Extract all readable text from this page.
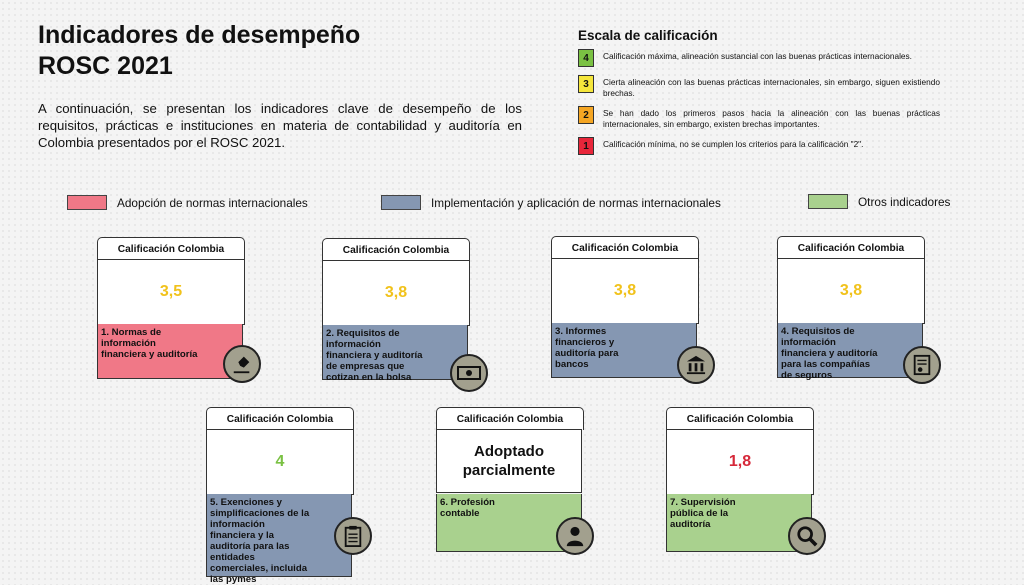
Indicadores de desempeño
ROSC 2021

A continuación, se presentan los indicadores clave de desempeño de los requisitos, prácticas e instituciones en materia de contabilidad y auditoría en Colombia presentados por el ROSC 2021.

Escala de calificación
4	Calificación máxima, alineación sustancial con las buenas prácticas internacionales.
3	Cierta alineación con las buenas prácticas internacionales, sin embargo, siguen existiendo brechas.
2	Se han dado los primeros pasos hacia la alineación con las buenas prácticas internacionales, sin embargo, existen brechas importantes.
1	Calificación mínima, no se cumplen los criterios para la calificación "2".
Adopción de normas internacionales	Implementación y aplicación de normas internacionales	Otros indicadores
Calificación Colombia
3,5
1. Normas de información financiera y auditoría
Calificación Colombia
3,8
2. Requisitos de información financiera y auditoría de empresas que cotizan en la bolsa
Calificación Colombia
3,8
3. Informes financieros y auditoría para bancos
Calificación Colombia
3,8
4. Requisitos de información financiera y auditoría para las compañías de seguros
Calificación Colombia
4
5. Exenciones y simplificaciones de la información financiera y la auditoría para las entidades comerciales, incluida las pymes
Calificación Colombia
Adoptado parcialmente
6. Profesión contable
Calificación Colombia
1,8
7. Supervisión pública de la auditoría
